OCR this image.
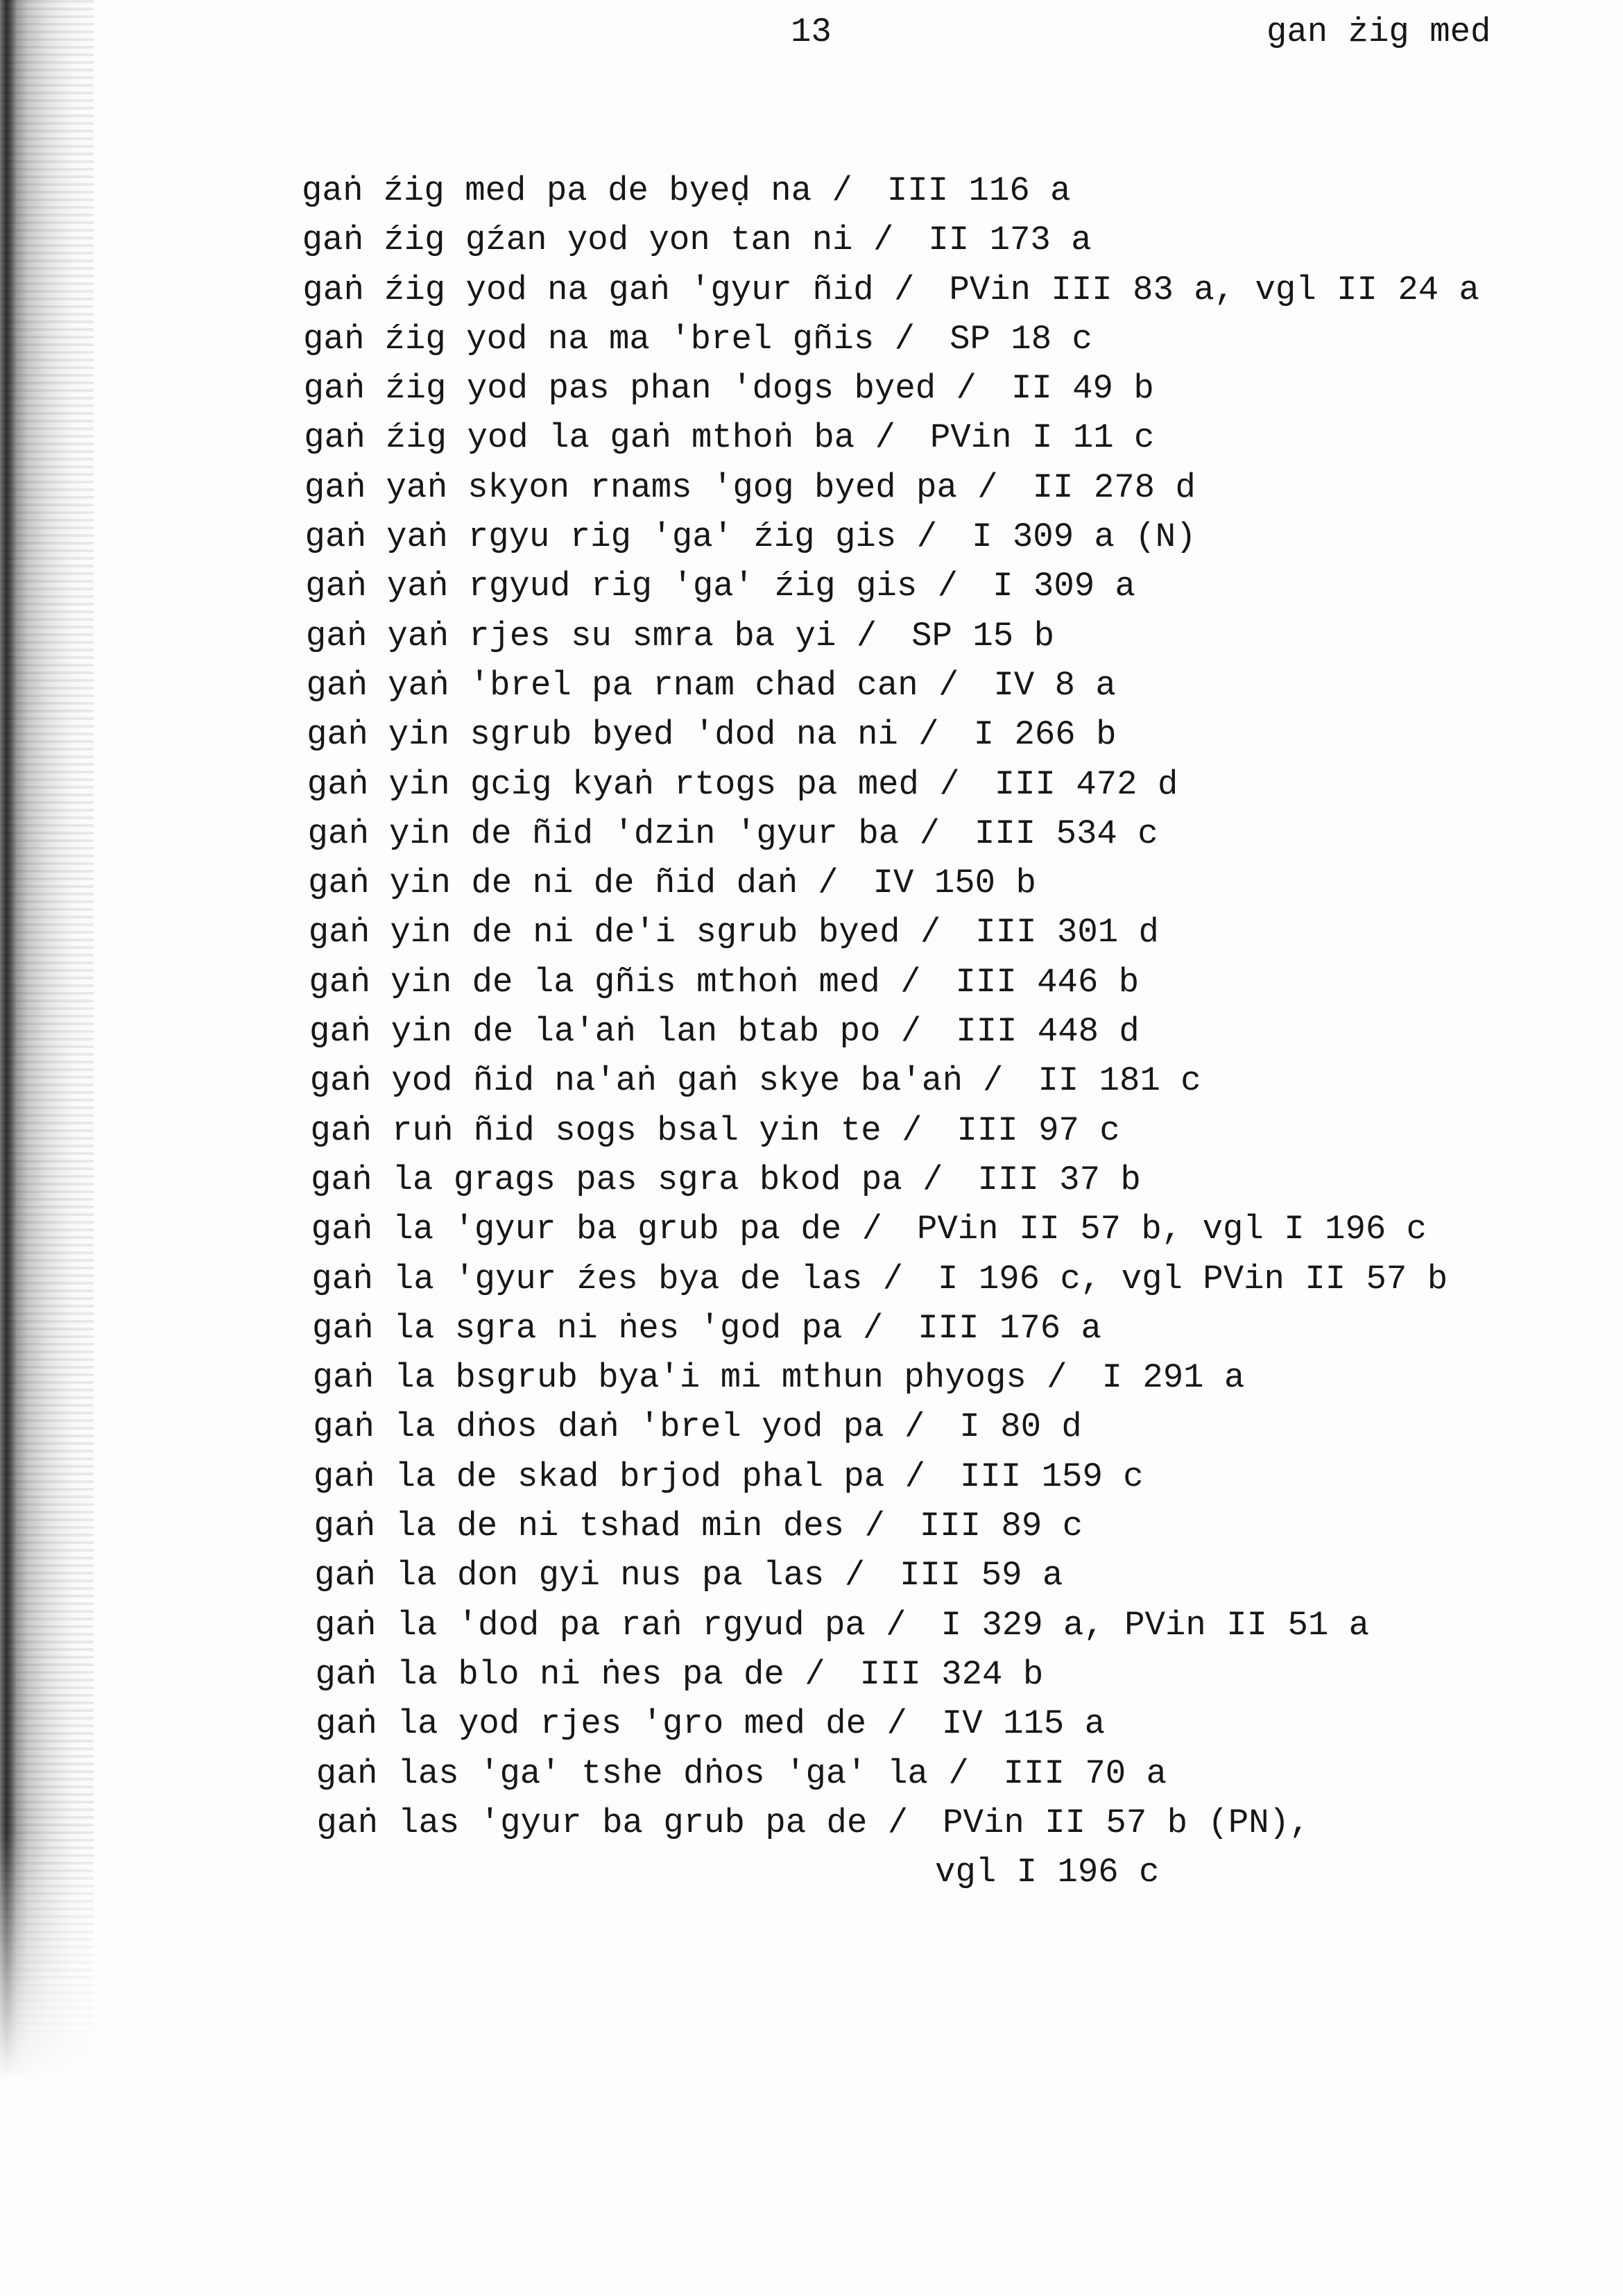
13	gan żig med
gaṅ źig med pa de byeḍ na / III 116 a
gaṅ źig gźan yod yon tan ni / II 173 a
gaṅ źig yod na gaṅ 'gyur ñid / PVin III 83 a, vgl II 24 a
gaṅ źig yod na ma 'brel gñis / SP 18 c
gaṅ źig yod pas phan 'dogs byed / II 49 b
gaṅ źig yod la gaṅ mthoṅ ba / PVin I 11 c
gaṅ yaṅ skyon rnams 'gog byed pa / II 278 d
gaṅ yaṅ rgyu rig 'ga' źig gis / I 309 a (N)
gaṅ yaṅ rgyud rig 'ga' źig gis / I 309 a
gaṅ yaṅ rjes su smra ba yi / SP 15 b
gaṅ yaṅ 'brel pa rnam chad can / IV 8 a
gaṅ yin sgrub byed 'dod na ni / I 266 b
gaṅ yin gcig kyaṅ rtogs pa med / III 472 d
gaṅ yin de ñid 'dzin 'gyur ba / III 534 c
gaṅ yin de ni de ñid daṅ / IV 150 b
gaṅ yin de ni de'i sgrub byed / III 301 d
gaṅ yin de la gñis mthoṅ med / III 446 b
gaṅ yin de la'aṅ lan btab po / III 448 d
gaṅ yod ñid na'aṅ gaṅ skye ba'aṅ / II 181 c
gaṅ ruṅ ñid sogs bsal yin te / III 97 c
gaṅ la grags pas sgra bkod pa / III 37 b
gaṅ la 'gyur ba grub pa de / PVin II 57 b, vgl I 196 c
gaṅ la 'gyur źes bya de las / I 196 c, vgl PVin II 57 b
gaṅ la sgra ni ṅes 'god pa / III 176 a
gaṅ la bsgrub bya'i mi mthun phyogs / I 291 a
gaṅ la dṅos daṅ 'brel yod pa / I 80 d
gaṅ la de skad brjod phal pa / III 159 c
gaṅ la de ni tshad min des / III 89 c
gaṅ la don gyi nus pa las / III 59 a
gaṅ la 'dod pa raṅ rgyud pa / I 329 a, PVin II 51 a
gaṅ la blo ni ṅes pa de / III 324 b
gaṅ la yod rjes 'gro med de / IV 115 a
gaṅ las 'ga' tshe dṅos 'ga' la / III 70 a
gaṅ las 'gyur ba grub pa de / PVin II 57 b (PN),
vgl I 196 c
